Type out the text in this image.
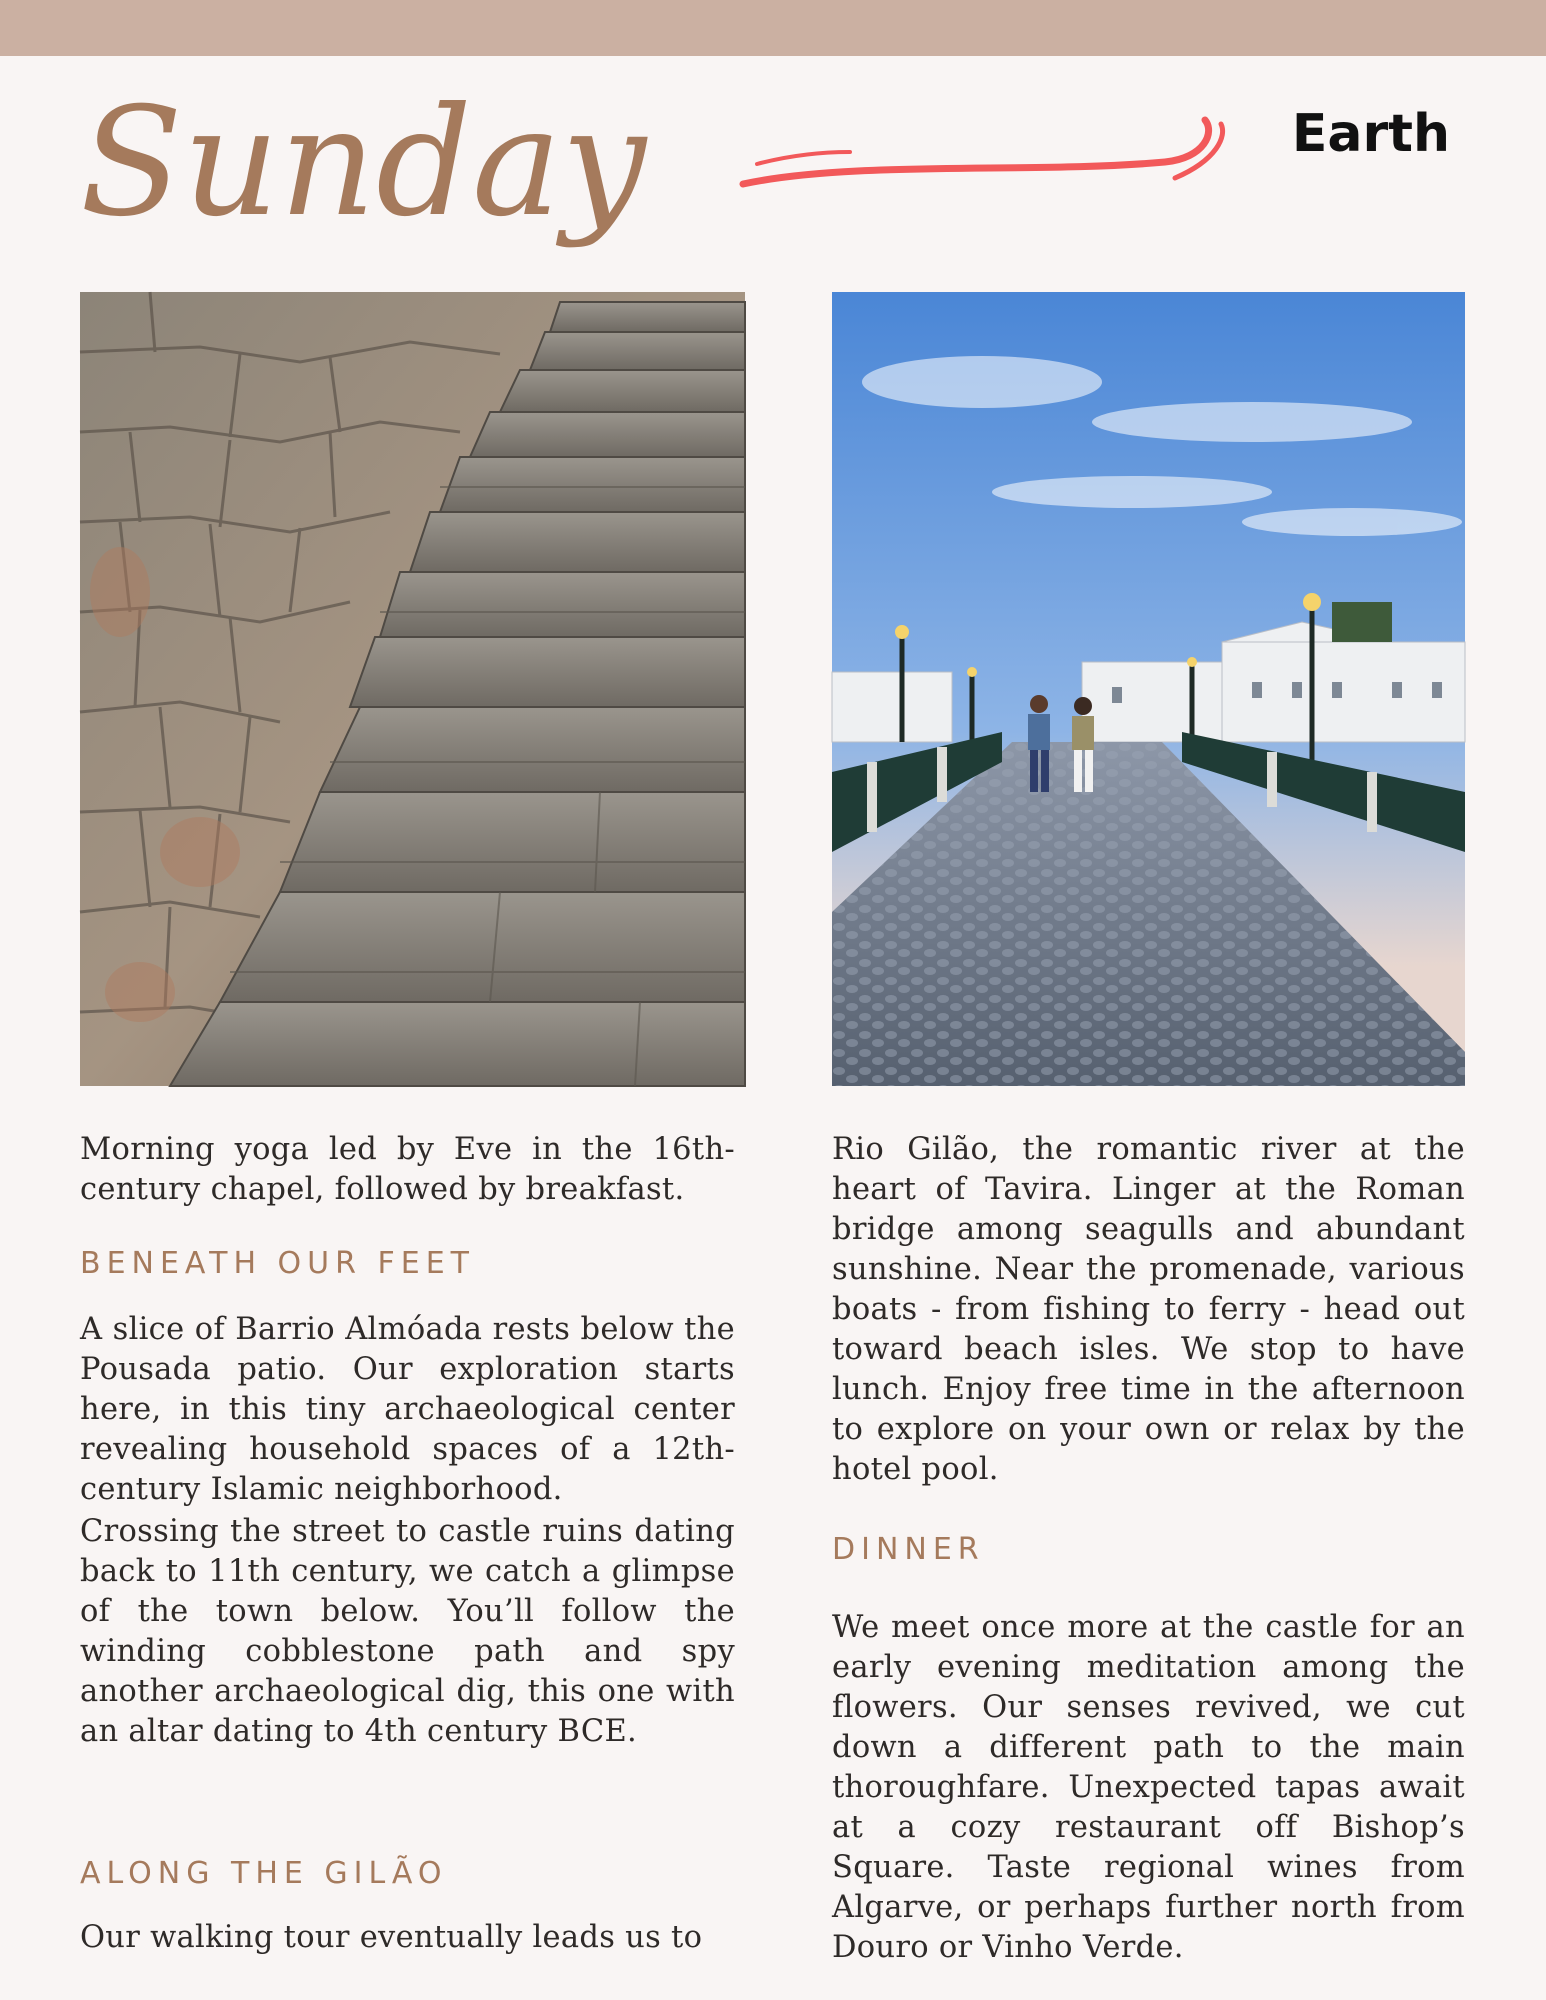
Sunday	Earth

Morning yoga led by Eve in the 16th-century chapel, followed by breakfast.

BENEATH OUR FEET

A slice of Barrio Almóada rests below the Pousada patio. Our exploration starts here, in this tiny archaeological center revealing household spaces of a 12th-century Islamic neighborhood.

Crossing the street to castle ruins dating back to 11th century, we catch a glimpse of the town below. You’ll follow the winding cobblestone path and spy another archaeological dig, this one with an altar dating to 4th century BCE.

ALONG THE GILÃO

Our walking tour eventually leads us to

Rio Gilão, the romantic river at the heart of Tavira. Linger at the Roman bridge among seagulls and abundant sunshine. Near the promenade, various boats - from fishing to ferry - head out toward beach isles. We stop to have lunch. Enjoy free time in the afternoon to explore on your own or relax by the hotel pool.

DINNER

We meet once more at the castle for an early evening meditation among the flowers. Our senses revived, we cut down a different path to the main thoroughfare. Unexpected tapas await at a cozy restaurant off Bishop’s Square. Taste regional wines from Algarve, or perhaps further north from Douro or Vinho Verde.
